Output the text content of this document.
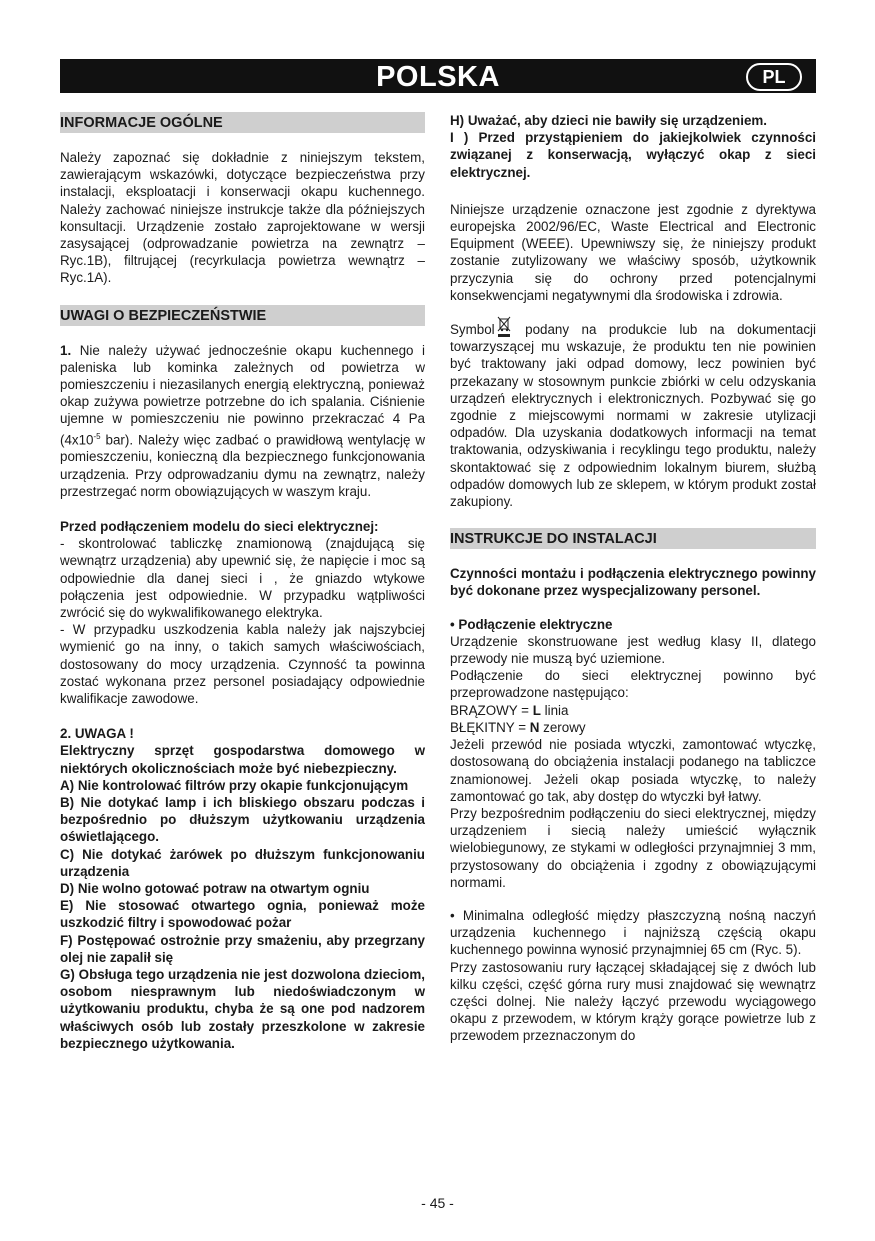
POLSKA	PL
INFORMACJE OGÓLNE

Należy zapoznać się dokładnie z niniejszym tekstem, zawierającym wskazówki, dotyczące bezpieczeństwa przy instalacji, eksploatacji i konserwacji okapu kuchennego. Należy zachować niniejsze instrukcje także dla późniejszych konsultacji. Urządzenie zostało zaprojektowane w wersji zasysającej (odprowadzanie powietrza na zewnątrz – Ryc.1B), filtrującej (recyrkulacja powietrza wewnątrz – Ryc.1A).

UWAGI O BEZPIECZEŃSTWIE

1. Nie należy używać jednocześnie okapu kuchennego i paleniska lub kominka zależnych od powietrza w pomieszczeniu i niezasilanych energią elektryczną, ponieważ okap zużywa powietrze potrzebne do ich spalania. Ciśnienie ujemne w pomieszczeniu nie powinno przekraczać 4 Pa ($4x10^{-5}$ bar). Należy więc zadbać o prawidłową wentylację w pomieszczeniu, konieczną dla bezpiecznego funkcjonowania urządzenia. Przy odprowadzaniu dymu na zewnątrz, należy przestrzegać norm obowiązujących w waszym kraju.

Przed podłączeniem modelu do sieci elektrycznej:

- skontrolować tabliczkę znamionową (znajdującą się wewnątrz urządzenia) aby upewnić się, że napięcie i moc są odpowiednie dla danej sieci i , że gniazdo wtykowe połączenia jest odpowiednie. W przypadku wątpliwości zwrócić się do wykwalifikowanego elektryka.

- W przypadku uszkodzenia kabla należy jak najszybciej wymienić go na inny, o takich samych właściwościach, dostosowany do mocy urządzenia. Czynność ta powinna zostać wykonana przez personel posiadający odpowiednie kwalifikacje zawodowe.

2. UWAGA !

Elektryczny sprzęt gospodarstwa domowego w niektórych okolicznościach może być niebezpieczny.

A) Nie kontrolować filtrów przy okapie funkcjonującym

B) Nie dotykać lamp i ich bliskiego obszaru podczas i bezpośrednio po dłuższym użytkowaniu urządzenia oświetlającego.

C) Nie dotykać żarówek po dłuższym funkcjonowaniu urządzenia

D) Nie wolno gotować potraw na otwartym ogniu

E) Nie stosować otwartego ognia, ponieważ może uszkodzić filtry i spowodować pożar

F) Postępować ostrożnie przy smażeniu, aby przegrzany olej nie zapalił się

G) Obsługa tego urządzenia nie jest dozwolona dzieciom, osobom niesprawnym lub niedoświadczonym w użytkowaniu produktu, chyba że są one pod nadzorem właściwych osób lub zostały przeszkolone w zakresie bezpiecznego użytkowania.

H) Uważać, aby dzieci nie bawiły się urządzeniem.

I ) Przed przystąpieniem do jakiejkolwiek czynności związanej z konserwacją, wyłączyć okap z sieci elektrycznej.

Niniejsze urządzenie oznaczone jest zgodnie z dyrektywa europejska 2002/96/EC, Waste Electrical and Electronic Equipment (WEEE). Upewniwszy się, że niniejszy produkt zostanie zutylizowany we właściwy sposób, użytkownik przyczynia się do ochrony przed potencjalnymi konsekwencjami negatywnymi dla środowiska i zdrowia.

Symbol podany na produkcie lub na dokumentacji towarzyszącej mu wskazuje, że produktu ten nie powinien być traktowany jaki odpad domowy, lecz powinien być przekazany w stosownym punkcie zbiórki w celu odzyskania urządzeń elektrycznych i elektronicznych. Pozbywać się go zgodnie z miejscowymi normami w zakresie utylizacji odpadów. Dla uzyskania dodatkowych informacji na temat traktowania, odzyskiwania i recyklingu tego produktu, należy skontaktować się z odpowiednim lokalnym biurem, służbą odpadów domowych lub ze sklepem, w którym produkt został zakupiony.

INSTRUKCJE DO INSTALACJI

Czynności montażu i podłączenia elektrycznego powinny być dokonane przez wyspecjalizowany personel.

• Podłączenie elektryczne

Urządzenie skonstruowane jest według klasy II, dlatego przewody nie muszą być uziemione.

Podłączenie do sieci elektrycznej powinno być przeprowadzone następująco:

BRĄZOWY = L linia

BŁĘKITNY = N zerowy

Jeżeli przewód nie posiada wtyczki, zamontować wtyczkę, dostosowaną do obciążenia instalacji podanego na tabliczce znamionowej. Jeżeli okap posiada wtyczkę, to należy zamontować go tak, aby dostęp do wtyczki był łatwy.

Przy bezpośrednim podłączeniu do sieci elektrycznej, między urządzeniem i siecią należy umieścić wyłącznik wielobiegunowy, ze stykami w odległości przynajmniej 3 mm, przystosowany do obciążenia i zgodny z obowiązującymi normami.

• Minimalna odległość między płaszczyzną nośną naczyń urządzenia kuchennego i najniższą częścią okapu kuchennego powinna wynosić przynajmniej 65 cm (Ryc. 5).

Przy zastosowaniu rury łączącej składającej się z dwóch lub kilku części, część górna rury musi znajdować się wewnątrz części dolnej. Nie należy łączyć przewodu wyciągowego okapu z przewodem, w którym krąży gorące powietrze lub z przewodem przeznaczonym do

- 45 -
